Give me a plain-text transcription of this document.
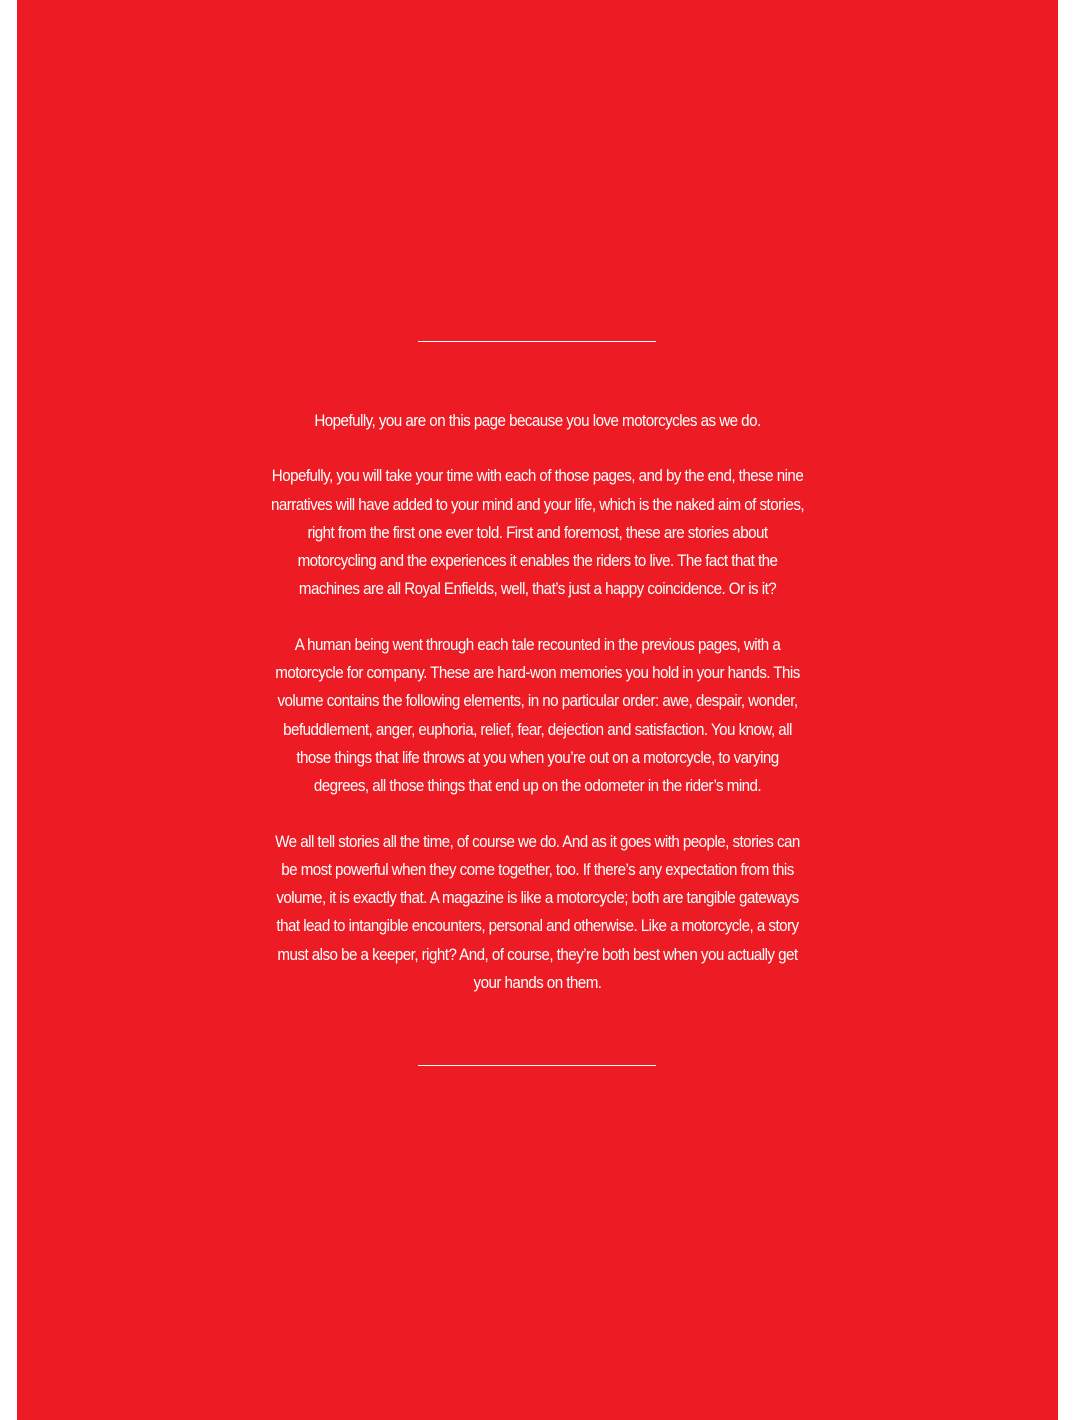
Hopefully, you are on this page because you love motorcycles as we do.

Hopefully, you will take your time with each of those pages, and by the end, these nine narratives will have added to your mind and your life, which is the naked aim of stories, right from the first one ever told. First and foremost, these are stories about motorcycling and the experiences it enables the riders to live. The fact that the machines are all Royal Enfields, well, that’s just a happy coincidence. Or is it?

A human being went through each tale recounted in the previous pages, with a motorcycle for company. These are hard-won memories you hold in your hands. This volume contains the following elements, in no particular order: awe, despair, wonder, befuddlement, anger, euphoria, relief, fear, dejection and satisfaction. You know, all those things that life throws at you when you’re out on a motorcycle, to varying degrees, all those things that end up on the odometer in the rider’s mind.

We all tell stories all the time, of course we do. And as it goes with people, stories can be most powerful when they come together, too. If there’s any expectation from this volume, it is exactly that. A magazine is like a motorcycle; both are tangible gateways that lead to intangible encounters, personal and otherwise. Like a motorcycle, a story must also be a keeper, right? And, of course, they’re both best when you actually get your hands on them.
